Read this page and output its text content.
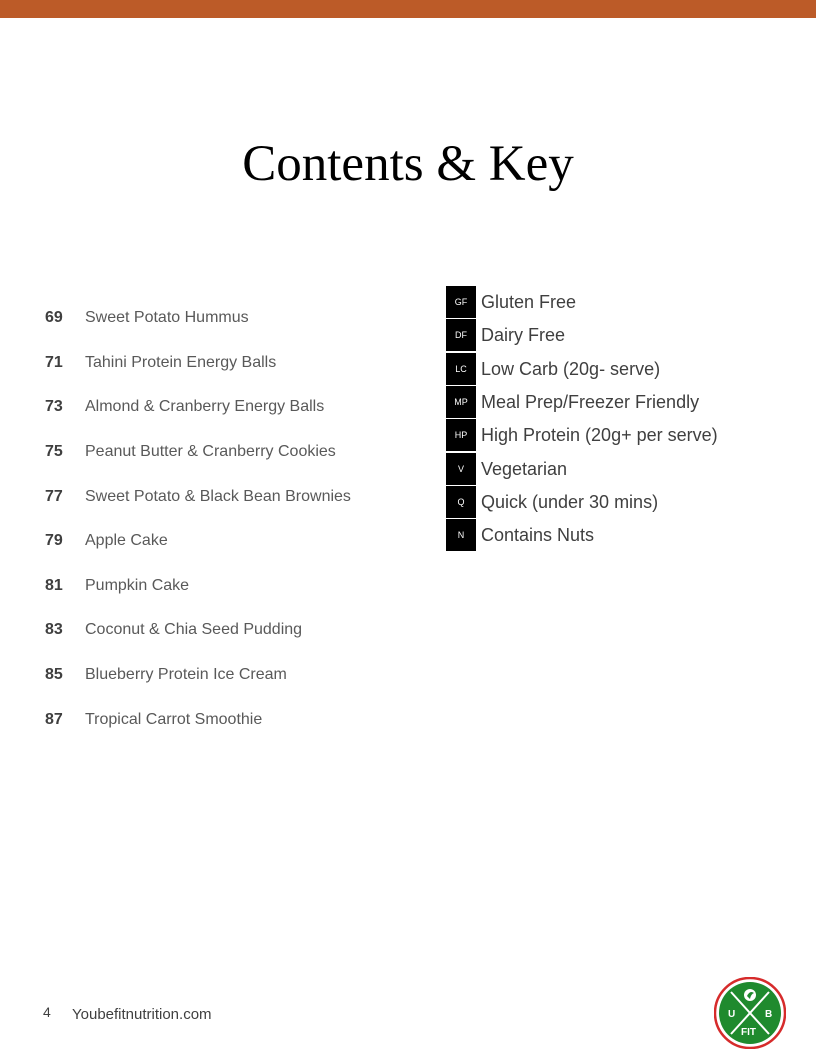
Contents & Key
69	Sweet Potato Hummus
71	Tahini Protein Energy Balls
73	Almond & Cranberry Energy Balls
75	Peanut Butter & Cranberry Cookies
77	Sweet Potato & Black Bean Brownies
79	Apple Cake
81	Pumpkin Cake
83	Coconut & Chia Seed Pudding
85	Blueberry Protein Ice Cream
87	Tropical Carrot Smoothie
GF Gluten Free
DF Dairy Free
LC Low Carb (20g- serve)
MP Meal Prep/Freezer Friendly
HP High Protein (20g+ per serve)
V Vegetarian
Q Quick (under 30 mins)
N Contains Nuts
4 Youbefitnutrition.com	U	B
FIT
